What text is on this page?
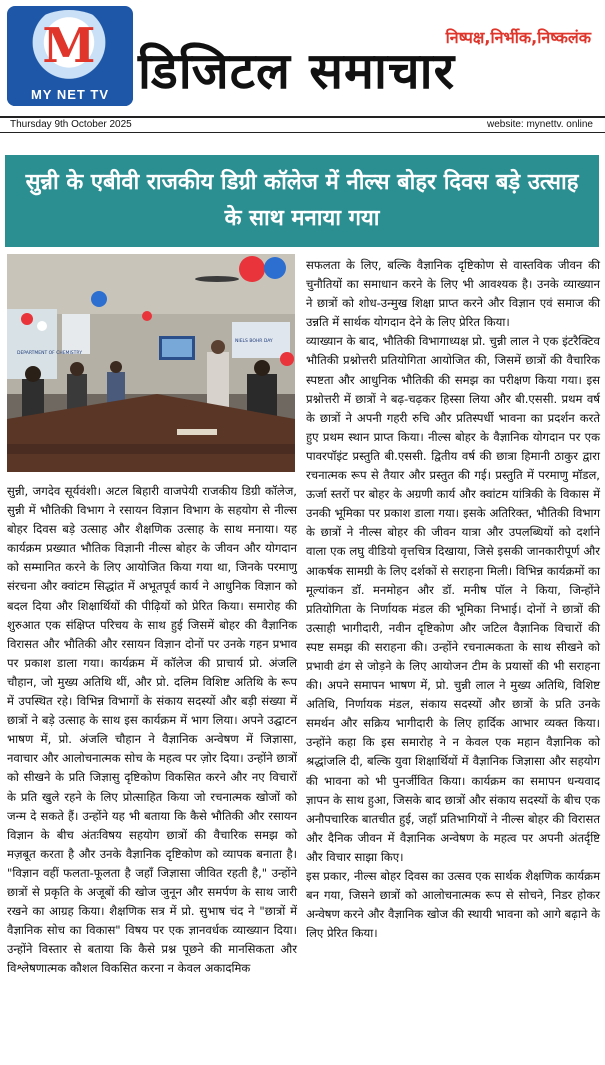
M
MY NET TV
निष्पक्ष,निर्भीक,निष्कलंक
डिजिटल समाचार
Thursday 9th October 2025	website: mynettv. online
सुन्नी के एबीवी राजकीय डिग्री कॉलेज में नील्स बोहर दिवस बड़े उत्साह के साथ मनाया गया
DEPARTMENT OF CHEMISTRY
NIELS BOHR DAY

सुन्नी, जगदेव सूर्यवंशी। अटल बिहारी वाजपेयी राजकीय डिग्री कॉलेज, सुन्नी में भौतिकी विभाग ने रसायन विज्ञान विभाग के सहयोग से नील्स बोहर दिवस बड़े उत्साह और शैक्षणिक उत्साह के साथ मनाया। यह कार्यक्रम प्रख्यात भौतिक विज्ञानी नील्स बोहर के जीवन और योगदान को सम्मानित करने के लिए आयोजित किया गया था, जिनके परमाणु संरचना और क्वांटम सिद्धांत में अभूतपूर्व कार्य ने आधुनिक विज्ञान को बदल दिया और शिक्षार्थियों की पीढ़ियों को प्रेरित किया। समारोह की शुरुआत एक संक्षिप्त परिचय के साथ हुई जिसमें बोहर की वैज्ञानिक विरासत और भौतिकी और रसायन विज्ञान दोनों पर उनके गहन प्रभाव पर प्रकाश डाला गया। कार्यक्रम में कॉलेज की प्राचार्य प्रो. अंजलि चौहान, जो मुख्य अतिथि थीं, और प्रो. दलिम विशिष्ट अतिथि के रूप में उपस्थित रहे। विभिन्न विभागों के संकाय सदस्यों और बड़ी संख्या में छात्रों ने बड़े उत्साह के साथ इस कार्यक्रम में भाग लिया। अपने उद्घाटन भाषण में, प्रो. अंजलि चौहान ने वैज्ञानिक अन्वेषण में जिज्ञासा, नवाचार और आलोचनात्मक सोच के महत्व पर ज़ोर दिया। उन्होंने छात्रों को सीखने के प्रति जिज्ञासु दृष्टिकोण विकसित करने और नए विचारों के प्रति खुले रहने के लिए प्रोत्साहित किया जो रचनात्मक खोजों को जन्म दे सकते हैं। उन्होंने यह भी बताया कि कैसे भौतिकी और रसायन विज्ञान के बीच अंतःविषय सहयोग छात्रों की वैचारिक समझ को मज़बूत करता है और उनके वैज्ञानिक दृष्टिकोण को व्यापक बनाता है। "विज्ञान वहीं फलता-फूलता है जहाँ जिज्ञासा जीवित रहती है," उन्होंने छात्रों से प्रकृति के अजूबों की खोज जुनून और समर्पण के साथ जारी रखने का आग्रह किया। शैक्षणिक सत्र में प्रो. सुभाष चंद ने "छात्रों में वैज्ञानिक सोच का विकास" विषय पर एक ज्ञानवर्धक व्याख्यान दिया। उन्होंने विस्तार से बताया कि कैसे प्रश्न पूछने की मानसिकता और विश्लेषणात्मक कौशल विकसित करना न केवल अकादमिक

सफलता के लिए, बल्कि वैज्ञानिक दृष्टिकोण से वास्तविक जीवन की चुनौतियों का समाधान करने के लिए भी आवश्यक है। उनके व्याख्यान ने छात्रों को शोध-उन्मुख शिक्षा प्राप्त करने और विज्ञान एवं समाज की उन्नति में सार्थक योगदान देने के लिए प्रेरित किया।

व्याख्यान के बाद, भौतिकी विभागाध्यक्ष प्रो. चुन्नी लाल ने एक इंटरैक्टिव भौतिकी प्रश्नोत्तरी प्रतियोगिता आयोजित की, जिसमें छात्रों की वैचारिक स्पष्टता और आधुनिक भौतिकी की समझ का परीक्षण किया गया। इस प्रश्नोत्तरी में छात्रों ने बढ़-चढ़कर हिस्सा लिया और बी.एससी. प्रथम वर्ष के छात्रों ने अपनी गहरी रुचि और प्रतिस्पर्धी भावना का प्रदर्शन करते हुए प्रथम स्थान प्राप्त किया। नील्स बोहर के वैज्ञानिक योगदान पर एक पावरपॉइंट प्रस्तुति बी.एससी. द्वितीय वर्ष की छात्रा हिमानी ठाकुर द्वारा रचनात्मक रूप से तैयार और प्रस्तुत की गई। प्रस्तुति में परमाणु मॉडल, ऊर्जा स्तरों पर बोहर के अग्रणी कार्य और क्वांटम यांत्रिकी के विकास में उनकी भूमिका पर प्रकाश डाला गया। इसके अतिरिक्त, भौतिकी विभाग के छात्रों ने नील्स बोहर की जीवन यात्रा और उपलब्धियों को दर्शाने वाला एक लघु वीडियो वृत्तचित्र दिखाया, जिसे इसकी जानकारीपूर्ण और आकर्षक सामग्री के लिए दर्शकों से सराहना मिली। विभिन्न कार्यक्रमों का मूल्यांकन डॉ. मनमोहन और डॉ. मनीष पॉल ने किया, जिन्होंने प्रतियोगिता के निर्णायक मंडल की भूमिका निभाई। दोनों ने छात्रों की उत्साही भागीदारी, नवीन दृष्टिकोण और जटिल वैज्ञानिक विचारों की स्पष्ट समझ की सराहना की। उन्होंने रचनात्मकता के साथ सीखने को प्रभावी ढंग से जोड़ने के लिए आयोजन टीम के प्रयासों की भी सराहना की। अपने समापन भाषण में, प्रो. चुन्नी लाल ने मुख्य अतिथि, विशिष्ट अतिथि, निर्णायक मंडल, संकाय सदस्यों और छात्रों के प्रति उनके समर्थन और सक्रिय भागीदारी के लिए हार्दिक आभार व्यक्त किया। उन्होंने कहा कि इस समारोह ने न केवल एक महान वैज्ञानिक को श्रद्धांजलि दी, बल्कि युवा शिक्षार्थियों में वैज्ञानिक जिज्ञासा और सहयोग की भावना को भी पुनर्जीवित किया। कार्यक्रम का समापन धन्यवाद ज्ञापन के साथ हुआ, जिसके बाद छात्रों और संकाय सदस्यों के बीच एक अनौपचारिक बातचीत हुई, जहाँ प्रतिभागियों ने नील्स बोहर की विरासत और दैनिक जीवन में वैज्ञानिक अन्वेषण के महत्व पर अपनी अंतर्दृष्टि और विचार साझा किए।

इस प्रकार, नील्स बोहर दिवस का उत्सव एक सार्थक शैक्षणिक कार्यक्रम बन गया, जिसने छात्रों को आलोचनात्मक रूप से सोचने, निडर होकर अन्वेषण करने और वैज्ञानिक खोज की स्थायी भावना को आगे बढ़ाने के लिए प्रेरित किया।
